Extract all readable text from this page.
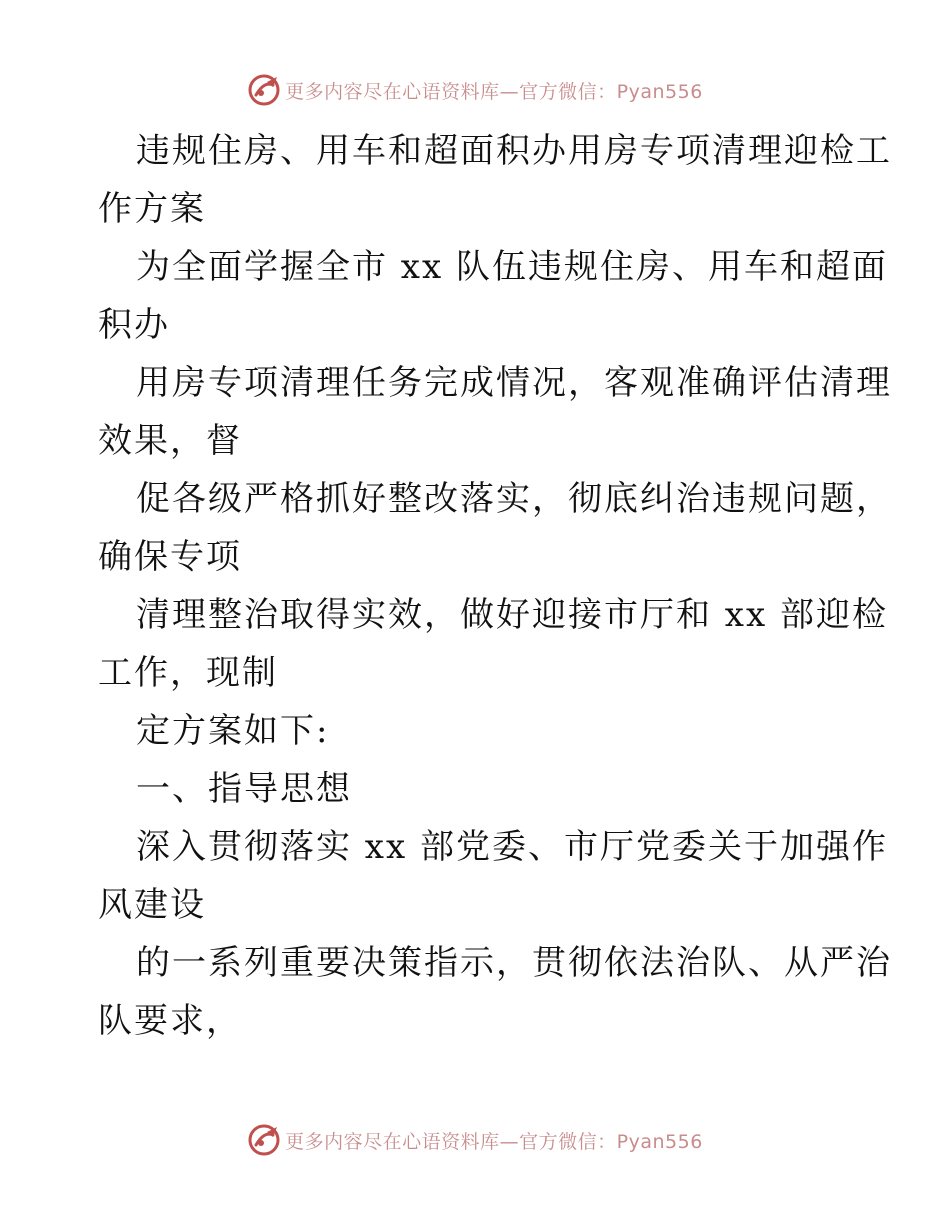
更多内容尽在心语资料库—官方微信：Pyan556
违规住房、用车和超面积办用房专项清理迎检工
作方案
为全面学握全市 xx 队伍违规住房、用车和超面
积办
用房专项清理任务完成情况，客观准确评估清理
效果，督
促各级严格抓好整改落实，彻底纠治违规问题，
确保专项
清理整治取得实效，做好迎接市厅和 xx 部迎检
工作，现制
定方案如下:
一、指导思想
深入贯彻落实 xx 部党委、市厅党委关于加强作
风建设
的一系列重要决策指示，贯彻依法治队、从严治
队要求，
更多内容尽在心语资料库—官方微信：Pyan556
